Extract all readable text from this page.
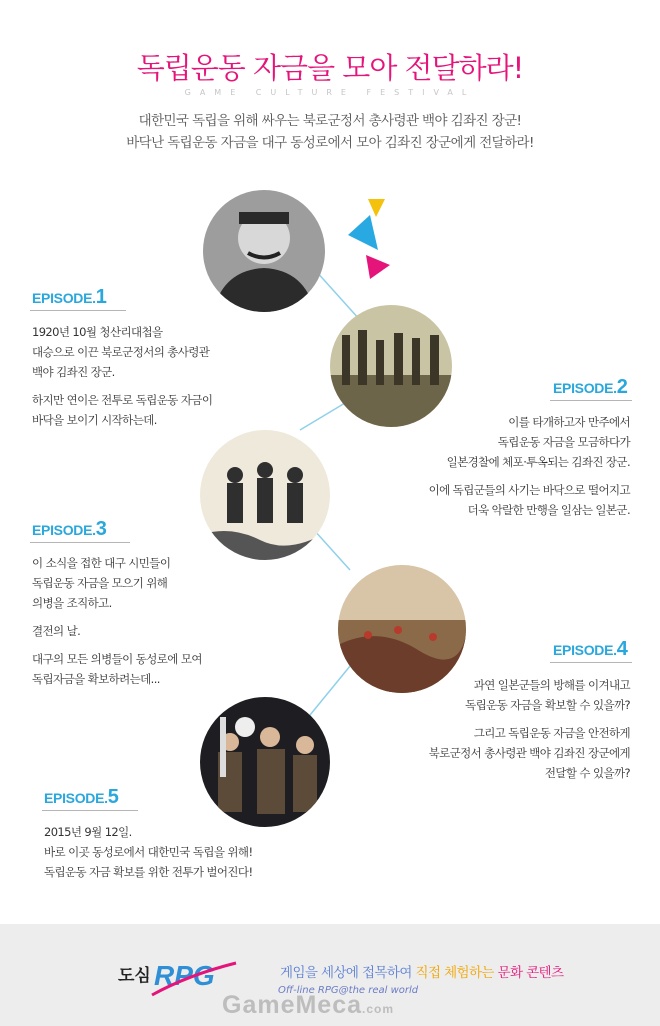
독립운동 자금을 모아 전달하라!
GAME CULTURE FESTIVAL
대한민국 독립을 위해 싸우는 북로군정서 총사령관 백야 김좌진 장군!
바닥난 독립운동 자금을 대구 동성로에서 모아 김좌진 장군에게 전달하라!
EPISODE.1

1920년 10월 청산리대첩을
대승으로 이끈 북로군정서의 총사령관
백야 김좌진 장군.

하지만 연이은 전투로 독립운동 자금이
바닥을 보이기 시작하는데.

EPISODE.2

이를 타개하고자 만주에서
독립운동 자금을 모금하다가
일본경찰에 체포·투옥되는 김좌진 장군.

이에 독립군들의 사기는 바닥으로 떨어지고
더욱 악랄한 만행을 일삼는 일본군.

EPISODE.3

이 소식을 접한 대구 시민들이
독립운동 자금을 모으기 위해
의병을 조직하고.

결전의 날.

대구의 모든 의병들이 동성로에 모여
독립자금을 확보하려는데...

EPISODE.4

과연 일본군들의 방해를 이겨내고
독립운동 자금을 확보할 수 있을까?

그리고 독립운동 자금을 안전하게
북로군정서 총사령관 백야 김좌진 장군에게
전달할 수 있을까?

EPISODE.5

2015년 9월 12일.
바로 이곳 동성로에서 대한민국 독립을 위해!
독립운동 자금 확보를 위한 전투가 벌어진다!

도심 RPG	게임을 세상에 접목하여 직접 체험하는 문화 콘텐츠
Off-line RPG@the real world
GameMeca.com
